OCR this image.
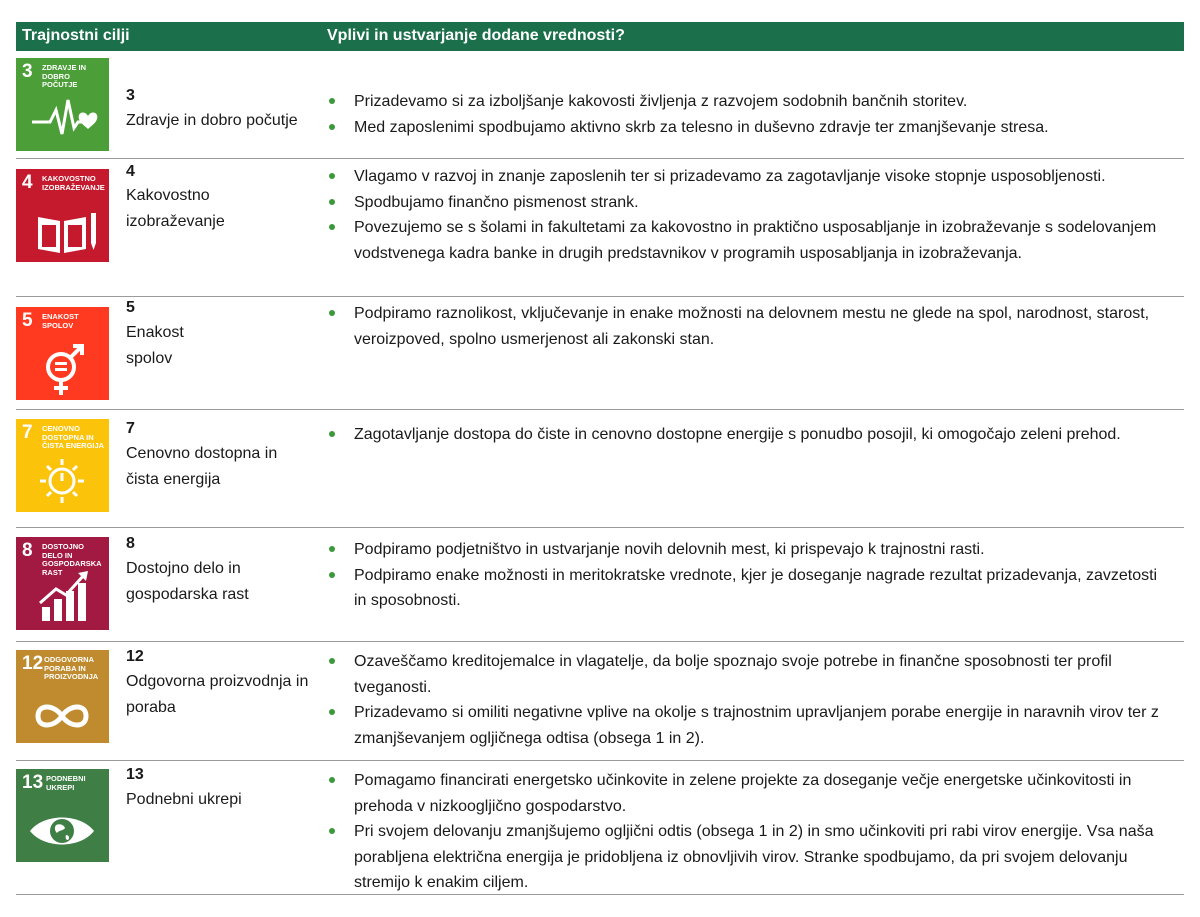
Trajnostni cilji	Vplivi in ustvarjanje dodane vrednosti?
3 ZDRAVJE IN DOBRO POČUTJE
3
Zdravje in dobro počutje
Prizadevamo si za izboljšanje kakovosti življenja z razvojem sodobnih bančnih storitev.
Med zaposlenimi spodbujamo aktivno skrb za telesno in duševno zdravje ter zmanjševanje stresa.
4 KAKOVOSTNO IZOBRAŽEVANJE
4
Kakovostno izobraževanje
Vlagamo v razvoj in znanje zaposlenih ter si prizadevamo za zagotavljanje visoke stopnje usposobljenosti.
Spodbujamo finančno pismenost strank.
Povezujemo se s šolami in fakultetami za kakovostno in praktično usposabljanje in izobraževanje s sodelovanjem vodstvenega kadra banke in drugih predstavnikov v programih usposabljanja in izobraževanja.
5 ENAKOST SPOLOV
5
Enakost spolov
Podpiramo raznolikost, vključevanje in enake možnosti na delovnem mestu ne glede na spol, narodnost, starost, veroizpoved, spolno usmerjenost ali zakonski stan.
7 CENOVNO DOSTOPNA IN ČISTA ENERGIJA
7
Cenovno dostopna in čista energija
Zagotavljanje dostopa do čiste in cenovno dostopne energije s ponudbo posojil, ki omogočajo zeleni prehod.
8 DOSTOJNO DELO IN GOSPODARSKA RAST
8
Dostojno delo in gospodarska rast
Podpiramo podjetništvo in ustvarjanje novih delovnih mest, ki prispevajo k trajnostni rasti.
Podpiramo enake možnosti in meritokratske vrednote, kjer je doseganje nagrade rezultat prizadevanja, zavzetosti in sposobnosti.
12 ODGOVORNA PORABA IN PROIZVODNJA
12
Odgovorna proizvodnja in poraba
Ozaveščamo kreditojemalce in vlagatelje, da bolje spoznajo svoje potrebe in finančne sposobnosti ter profil tveganosti.
Prizadevamo si omiliti negativne vplive na okolje s trajnostnim upravljanjem porabe energije in naravnih virov ter z zmanjševanjem ogljičnega odtisa (obsega 1 in 2).
13 PODNEBNI UKREPI
13
Podnebni ukrepi
Pomagamo financirati energetsko učinkovite in zelene projekte za doseganje večje energetske učinkovitosti in prehoda v nizkoogljično gospodarstvo.
Pri svojem delovanju zmanjšujemo ogljični odtis (obsega 1 in 2) in smo učinkoviti pri rabi virov energije. Vsa naša porabljena električna energija je pridobljena iz obnovljivih virov. Stranke spodbujamo, da pri svojem delovanju stremijo k enakim ciljem.
